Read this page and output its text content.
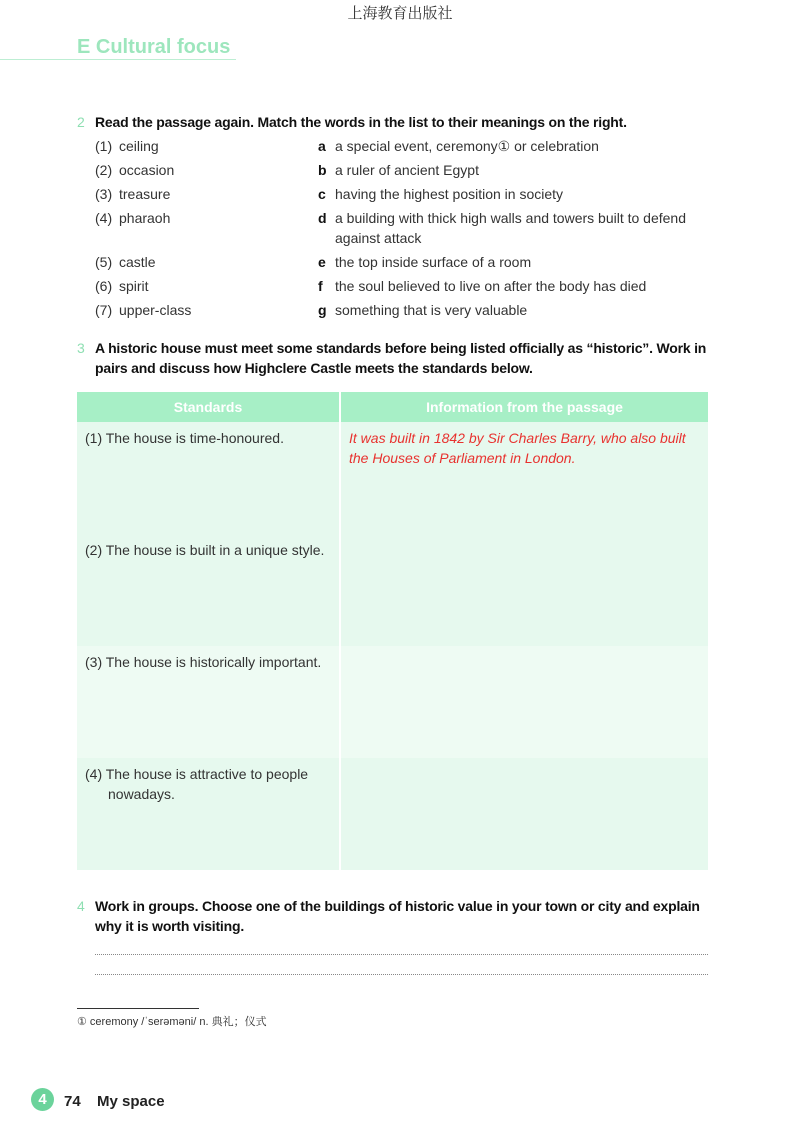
上海教育出版社
E Cultural focus
2 Read the passage again. Match the words in the list to their meanings on the right.
(1) ceiling	a a special event, ceremony① or celebration
(2) occasion	b a ruler of ancient Egypt
(3) treasure	c having the highest position in society
(4) pharaoh	d a building with thick high walls and towers built to defend against attack
(5) castle	e the top inside surface of a room
(6) spirit	f the soul believed to live on after the body has died
(7) upper-class	g something that is very valuable
3 A historic house must meet some standards before being listed officially as “historic”. Work in pairs and discuss how Highclere Castle meets the standards below.
Standards	Information from the passage
(1) The house is time-honoured.	It was built in 1842 by Sir Charles Barry, who also built the Houses of Parliament in London.
(2) The house is built in a unique style.	
(3) The house is historically important.	
(4) The house is attractive to people nowadays.	
4 Work in groups. Choose one of the buildings of historic value in your town or city and explain why it is worth visiting.
① ceremony /ˈserəməni/ n. 典礼；仪式
4	74 My space
